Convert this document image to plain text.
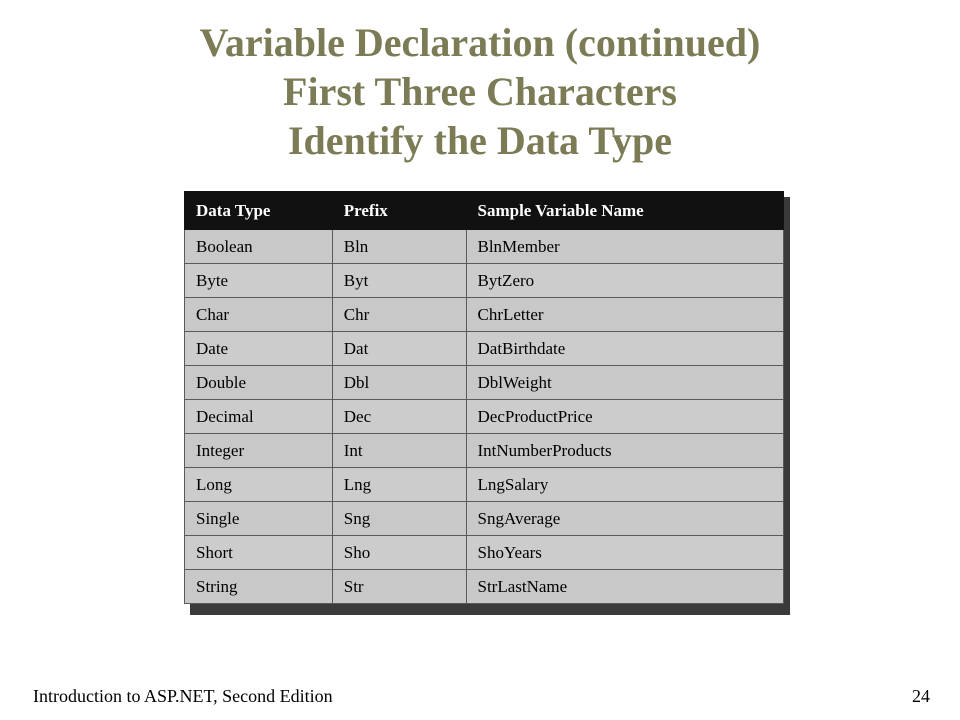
Variable Declaration (continued)
First Three Characters
Identify the Data Type
Data Type	Prefix	Sample Variable Name
Boolean	Bln	BlnMember
Byte	Byt	BytZero
Char	Chr	ChrLetter
Date	Dat	DatBirthdate
Double	Dbl	DblWeight
Decimal	Dec	DecProductPrice
Integer	Int	IntNumberProducts
Long	Lng	LngSalary
Single	Sng	SngAverage
Short	Sho	ShoYears
String	Str	StrLastName
Introduction to ASP.NET, Second Edition	24
